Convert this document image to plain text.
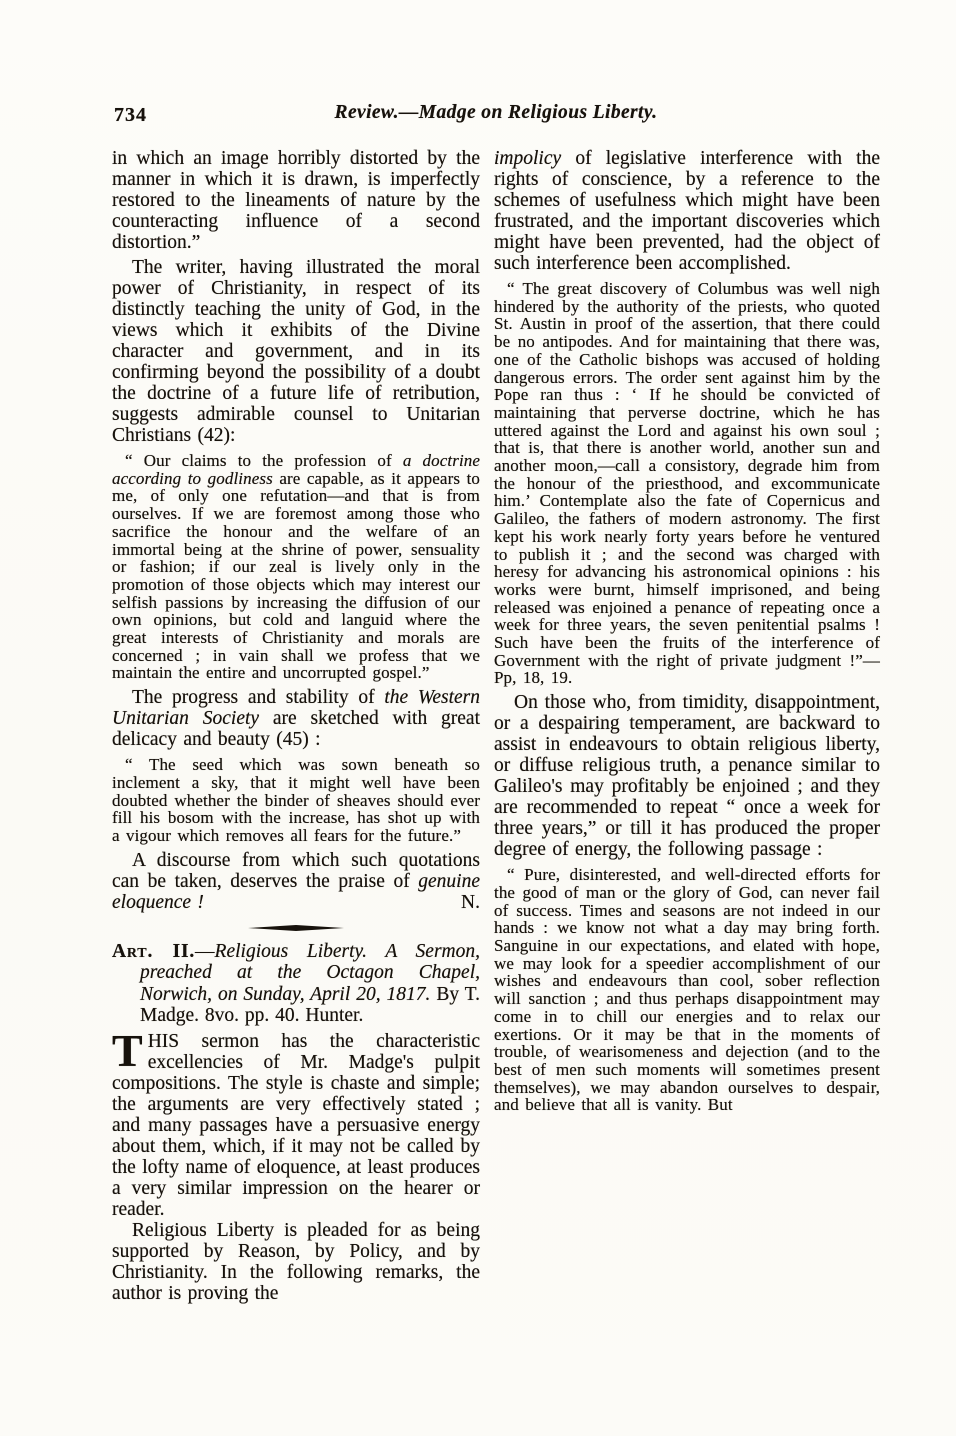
734	Review.—Madge on Religious Liberty.

in which an image horribly distorted by the manner in which it is drawn, is imperfectly restored to the lineaments of nature by the counteracting influence of a second distortion.”

The writer, having illustrated the moral power of Christianity, in respect of its distinctly teaching the unity of God, in the views which it exhibits of the Divine character and government, and in its confirming beyond the possibility of a doubt the doctrine of a future life of retribution, suggests admirable counsel to Unitarian Christians (42):

“ Our claims to the profession of a doctrine according to godliness are capable, as it appears to me, of only one refutation—and that is from ourselves. If we are foremost among those who sacrifice the honour and the welfare of an immortal being at the shrine of power, sensuality or fashion; if our zeal is lively only in the promotion of those objects which may interest our selfish passions by increasing the diffusion of our own opinions, but cold and languid where the great interests of Christianity and morals are concerned ; in vain shall we profess that we maintain the entire and uncorrupted gospel.”

The progress and stability of the Western Unitarian Society are sketched with great delicacy and beauty (45) :

“ The seed which was sown beneath so inclement a sky, that it might well have been doubted whether the binder of sheaves should ever fill his bosom with the increase, has shot up with a vigour which removes all fears for the future.”

A discourse from which such quotations can be taken, deserves the praise of genuine eloquence !	N.

Art. II.—Religious Liberty. A Sermon, preached at the Octagon Chapel, Norwich, on Sunday, April 20, 1817. By T. Madge. 8vo. pp. 40. Hunter.

THIS sermon has the characteristic excellencies of Mr. Madge's pulpit compositions. The style is chaste and simple; the arguments are very effectively stated ; and many passages have a persuasive energy about them, which, if it may not be called by the lofty name of eloquence, at least produces a very similar impression on the hearer or reader.

Religious Liberty is pleaded for as being supported by Reason, by Policy, and by Christianity. In the following remarks, the author is proving the

impolicy of legislative interference with the rights of conscience, by a reference to the schemes of usefulness which might have been frustrated, and the important discoveries which might have been prevented, had the object of such interference been accomplished.

“ The great discovery of Columbus was well nigh hindered by the authority of the priests, who quoted St. Austin in proof of the assertion, that there could be no antipodes. And for maintaining that there was, one of the Catholic bishops was accused of holding dangerous errors. The order sent against him by the Pope ran thus : ‘ If he should be convicted of maintaining that perverse doctrine, which he has uttered against the Lord and against his own soul ; that is, that there is another world, another sun and another moon,—call a consistory, degrade him from the honour of the priesthood, and excommunicate him.’ Contemplate also the fate of Copernicus and Galileo, the fathers of modern astronomy. The first kept his work nearly forty years before he ventured to publish it ; and the second was charged with heresy for advancing his astronomical opinions : his works were burnt, himself imprisoned, and being released was enjoined a penance of repeating once a week for three years, the seven penitential psalms ! Such have been the fruits of the interference of Government with the right of private judgment !”—Pp, 18, 19.

On those who, from timidity, disappointment, or a despairing temperament, are backward to assist in endeavours to obtain religious liberty, or diffuse religious truth, a penance similar to Galileo's may profitably be enjoined ; and they are recommended to repeat “ once a week for three years,” or till it has produced the proper degree of energy, the following passage :

“ Pure, disinterested, and well-directed efforts for the good of man or the glory of God, can never fail of success. Times and seasons are not indeed in our hands : we know not what a day may bring forth. Sanguine in our expectations, and elated with hope, we may look for a speedier accomplishment of our wishes and endeavours than cool, sober reflection will sanction ; and thus perhaps disappointment may come in to chill our energies and to relax our exertions. Or it may be that in the moments of trouble, of wearisomeness and dejection (and to the best of men such moments will sometimes present themselves), we may abandon ourselves to despair, and believe that all is vanity. But
